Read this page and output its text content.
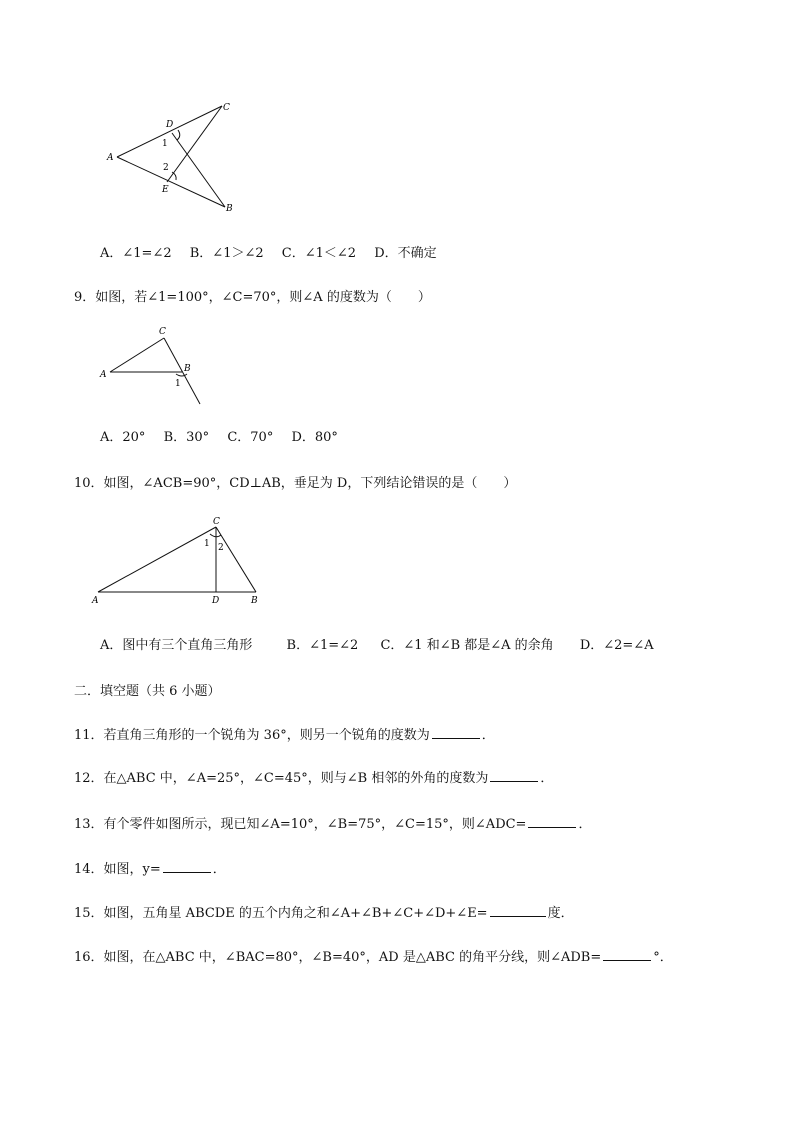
A
C
D
E
B
1
2
A．∠1=∠2 B．∠1＞∠2 C．∠1＜∠2 D．不确定
9．如图，若∠1=100°，∠C=70°，则∠A 的度数为（　　）
A
C
B
1
A．20° B．30° C．70° D．80°
10．如图，∠ACB=90°，CD⊥AB，垂足为 D，下列结论错误的是（　　）
A
C
D	B
1 2
A．图中有三个直角三角形	B．∠1=∠2 C．∠1 和∠B 都是∠A 的余角 D．∠2=∠A
二．填空题（共 6 小题）
11．若直角三角形的一个锐角为 36°，则另一个锐角的度数为	．
12．在△ABC 中，∠A=25°，∠C=45°，则与∠B 相邻的外角的度数为	．
13．有个零件如图所示，现已知∠A=10°，∠B=75°，∠C=15°，则∠ADC=	．
14．如图，y=	．
15．如图，五角星 ABCDE 的五个内角之和∠A+∠B+∠C+∠D+∠E=	度．
16．如图，在△ABC 中，∠BAC=80°，∠B=40°，AD 是△ABC 的角平分线，则∠ADB=	°．
